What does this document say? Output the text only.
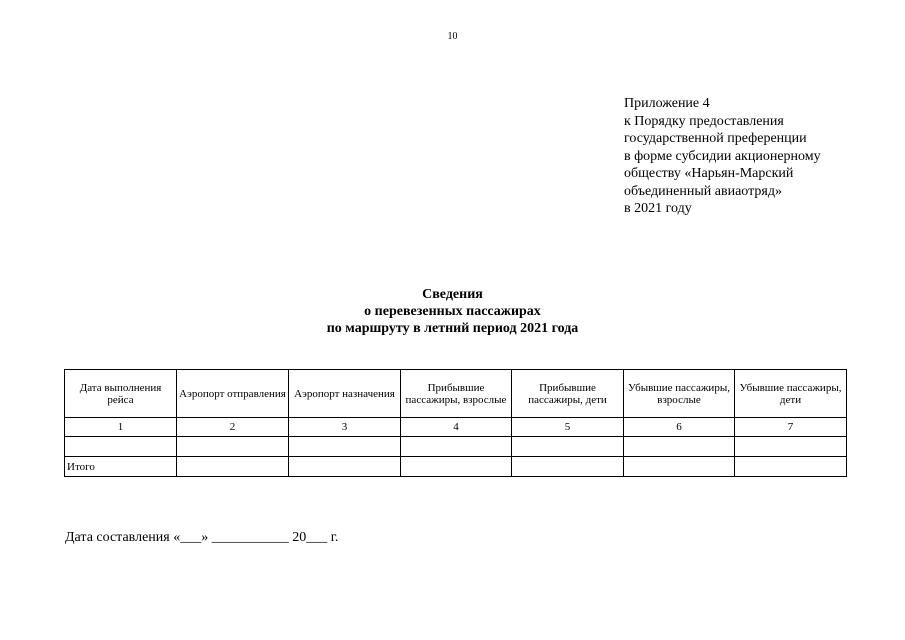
10
Приложение 4
к Порядку предоставления
государственной преференции
в форме субсидии акционерному
обществу «Нарьян-Марский
объединенный авиаотряд»
в 2021 году
Сведения
о перевезенных пассажирах
по маршруту в летний период 2021 года
Дата выполнения рейса	Аэропорт отправления	Аэропорт назначения	Прибывшие пассажиры, взрослые	Прибывшие пассажиры, дети	Убывшие пассажиры, взрослые	Убывшие пассажиры, дети
1	2	3	4	5	6	7

Итого						
Дата составления «___» ___________ 20___ г.
